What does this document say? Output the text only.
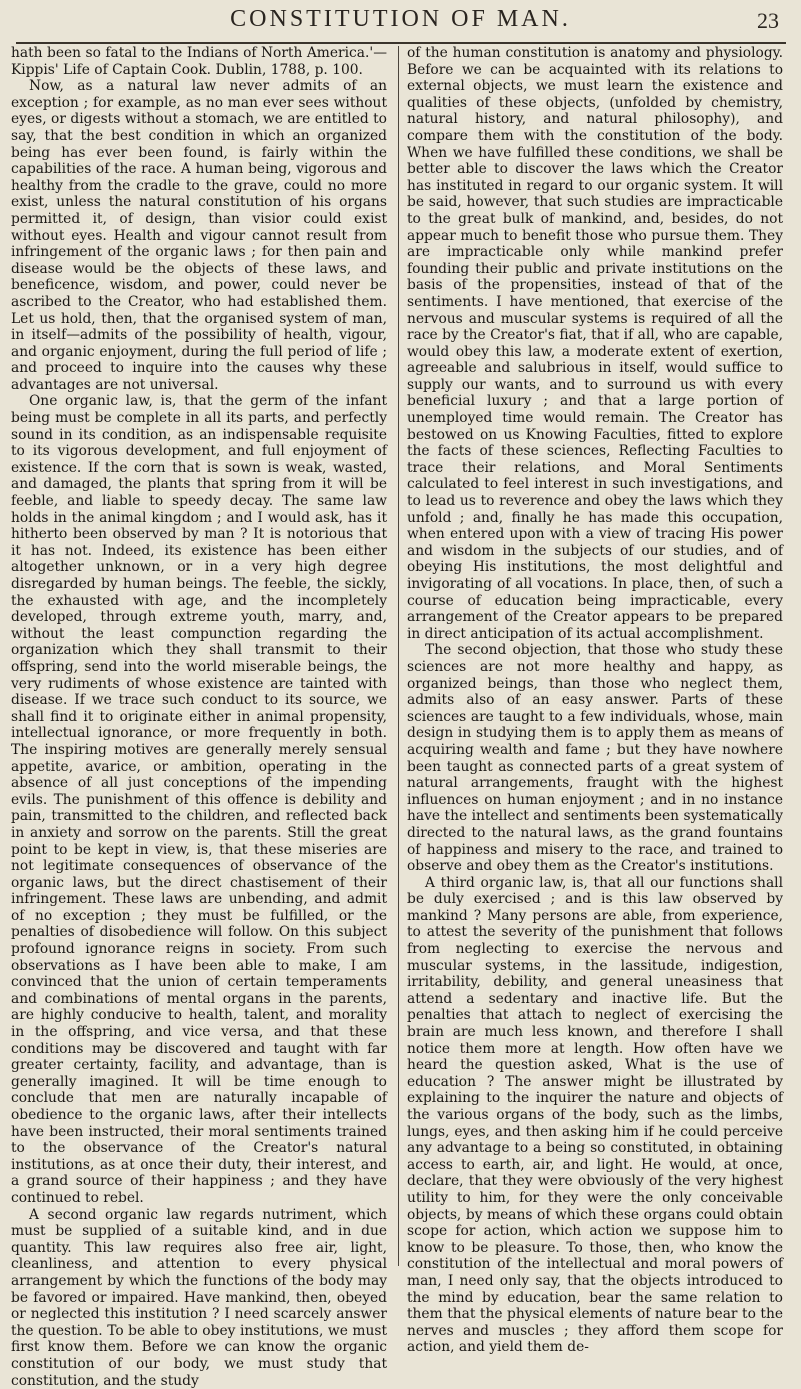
CONSTITUTION OF MAN.	23

hath been so fatal to the Indians of North America.'— Kippis' Life of Captain Cook. Dublin, 1788, p. 100.

Now, as a natural law never admits of an exception ; for example, as no man ever sees without eyes, or digests without a stomach, we are entitled to say, that the best condition in which an organized being has ever been found, is fairly within the capabilities of the race. A human being, vigorous and healthy from the cradle to the grave, could no more exist, unless the natural constitution of his organs permitted it, of design, than visior could exist without eyes. Health and vigour cannot result from infringement of the organic laws ; for then pain and disease would be the objects of these laws, and beneficence, wisdom, and power, could never be ascribed to the Creator, who had established them. Let us hold, then, that the organised system of man, in itself—admits of the possibility of health, vigour, and organic enjoyment, during the full period of life ; and proceed to inquire into the causes why these advantages are not universal.

One organic law, is, that the germ of the infant being must be complete in all its parts, and perfectly sound in its condition, as an indispensable requisite to its vigorous development, and full enjoyment of existence. If the corn that is sown is weak, wasted, and damaged, the plants that spring from it will be feeble, and liable to speedy decay. The same law holds in the animal kingdom ; and I would ask, has it hitherto been observed by man ? It is notorious that it has not. Indeed, its existence has been either altogether unknown, or in a very high degree disregarded by human beings. The feeble, the sickly, the exhausted with age, and the incompletely developed, through extreme youth, marry, and, without the least compunction regarding the organization which they shall transmit to their offspring, send into the world miserable beings, the very rudiments of whose existence are tainted with disease. If we trace such conduct to its source, we shall find it to originate either in animal propensity, intellectual ignorance, or more frequently in both. The inspiring motives are generally merely sensual appetite, avarice, or ambition, operating in the absence of all just conceptions of the impending evils. The punishment of this offence is debility and pain, transmitted to the children, and reflected back in anxiety and sorrow on the parents. Still the great point to be kept in view, is, that these miseries are not legitimate consequences of observance of the organic laws, but the direct chastisement of their infringement. These laws are unbending, and admit of no exception ; they must be fulfilled, or the penalties of disobedience will follow. On this subject profound ignorance reigns in society. From such observations as I have been able to make, I am convinced that the union of certain temperaments and combinations of mental organs in the parents, are highly conducive to health, talent, and morality in the offspring, and vice versa, and that these conditions may be discovered and taught with far greater certainty, facility, and advantage, than is generally imagined. It will be time enough to conclude that men are naturally incapable of obedience to the organic laws, after their intellects have been instructed, their moral sentiments trained to the observance of the Creator's natural institutions, as at once their duty, their interest, and a grand source of their happiness ; and they have continued to rebel.

A second organic law regards nutriment, which must be supplied of a suitable kind, and in due quantity. This law requires also free air, light, cleanliness, and attention to every physical arrangement by which the functions of the body may be favored or impaired. Have mankind, then, obeyed or neglected this institution ? I need scarcely answer the question. To be able to obey institutions, we must first know them. Before we can know the organic constitution of our body, we must study that constitution, and the study

of the human constitution is anatomy and physiology. Before we can be acquainted with its relations to external objects, we must learn the existence and qualities of these objects, (unfolded by chemistry, natural history, and natural philosophy), and compare them with the constitution of the body. When we have fulfilled these conditions, we shall be better able to discover the laws which the Creator has instituted in regard to our organic system. It will be said, however, that such studies are impracticable to the great bulk of mankind, and, besides, do not appear much to benefit those who pursue them. They are impracticable only while mankind prefer founding their public and private institutions on the basis of the propensities, instead of that of the sentiments. I have mentioned, that exercise of the nervous and muscular systems is required of all the race by the Creator's fiat, that if all, who are capable, would obey this law, a moderate extent of exertion, agreeable and salubrious in itself, would suffice to supply our wants, and to surround us with every beneficial luxury ; and that a large portion of unemployed time would remain. The Creator has bestowed on us Knowing Faculties, fitted to explore the facts of these sciences, Reflecting Faculties to trace their relations, and Moral Sentiments calculated to feel interest in such investigations, and to lead us to reverence and obey the laws which they unfold ; and, finally he has made this occupation, when entered upon with a view of tracing His power and wisdom in the subjects of our studies, and of obeying His institutions, the most delightful and invigorating of all vocations. In place, then, of such a course of education being impracticable, every arrangement of the Creator appears to be prepared in direct anticipation of its actual accomplishment.

The second objection, that those who study these sciences are not more healthy and happy, as organized beings, than those who neglect them, admits also of an easy answer. Parts of these sciences are taught to a few individuals, whose, main design in studying them is to apply them as means of acquiring wealth and fame ; but they have nowhere been taught as connected parts of a great system of natural arrangements, fraught with the highest influences on human enjoyment ; and in no instance have the intellect and sentiments been systematically directed to the natural laws, as the grand fountains of happiness and misery to the race, and trained to observe and obey them as the Creator's institutions.

A third organic law, is, that all our functions shall be duly exercised ; and is this law observed by mankind ? Many persons are able, from experience, to attest the severity of the punishment that follows from neglecting to exercise the nervous and muscular systems, in the lassitude, indigestion, irritability, debility, and general uneasiness that attend a sedentary and inactive life. But the penalties that attach to neglect of exercising the brain are much less known, and therefore I shall notice them more at length. How often have we heard the question asked, What is the use of education ? The answer might be illustrated by explaining to the inquirer the nature and objects of the various organs of the body, such as the limbs, lungs, eyes, and then asking him if he could perceive any advantage to a being so constituted, in obtaining access to earth, air, and light. He would, at once, declare, that they were obviously of the very highest utility to him, for they were the only conceivable objects, by means of which these organs could obtain scope for action, which action we suppose him to know to be pleasure. To those, then, who know the constitution of the intellectual and moral powers of man, I need only say, that the objects introduced to the mind by education, bear the same relation to them that the physical elements of nature bear to the nerves and muscles ; they afford them scope for action, and yield them de-
